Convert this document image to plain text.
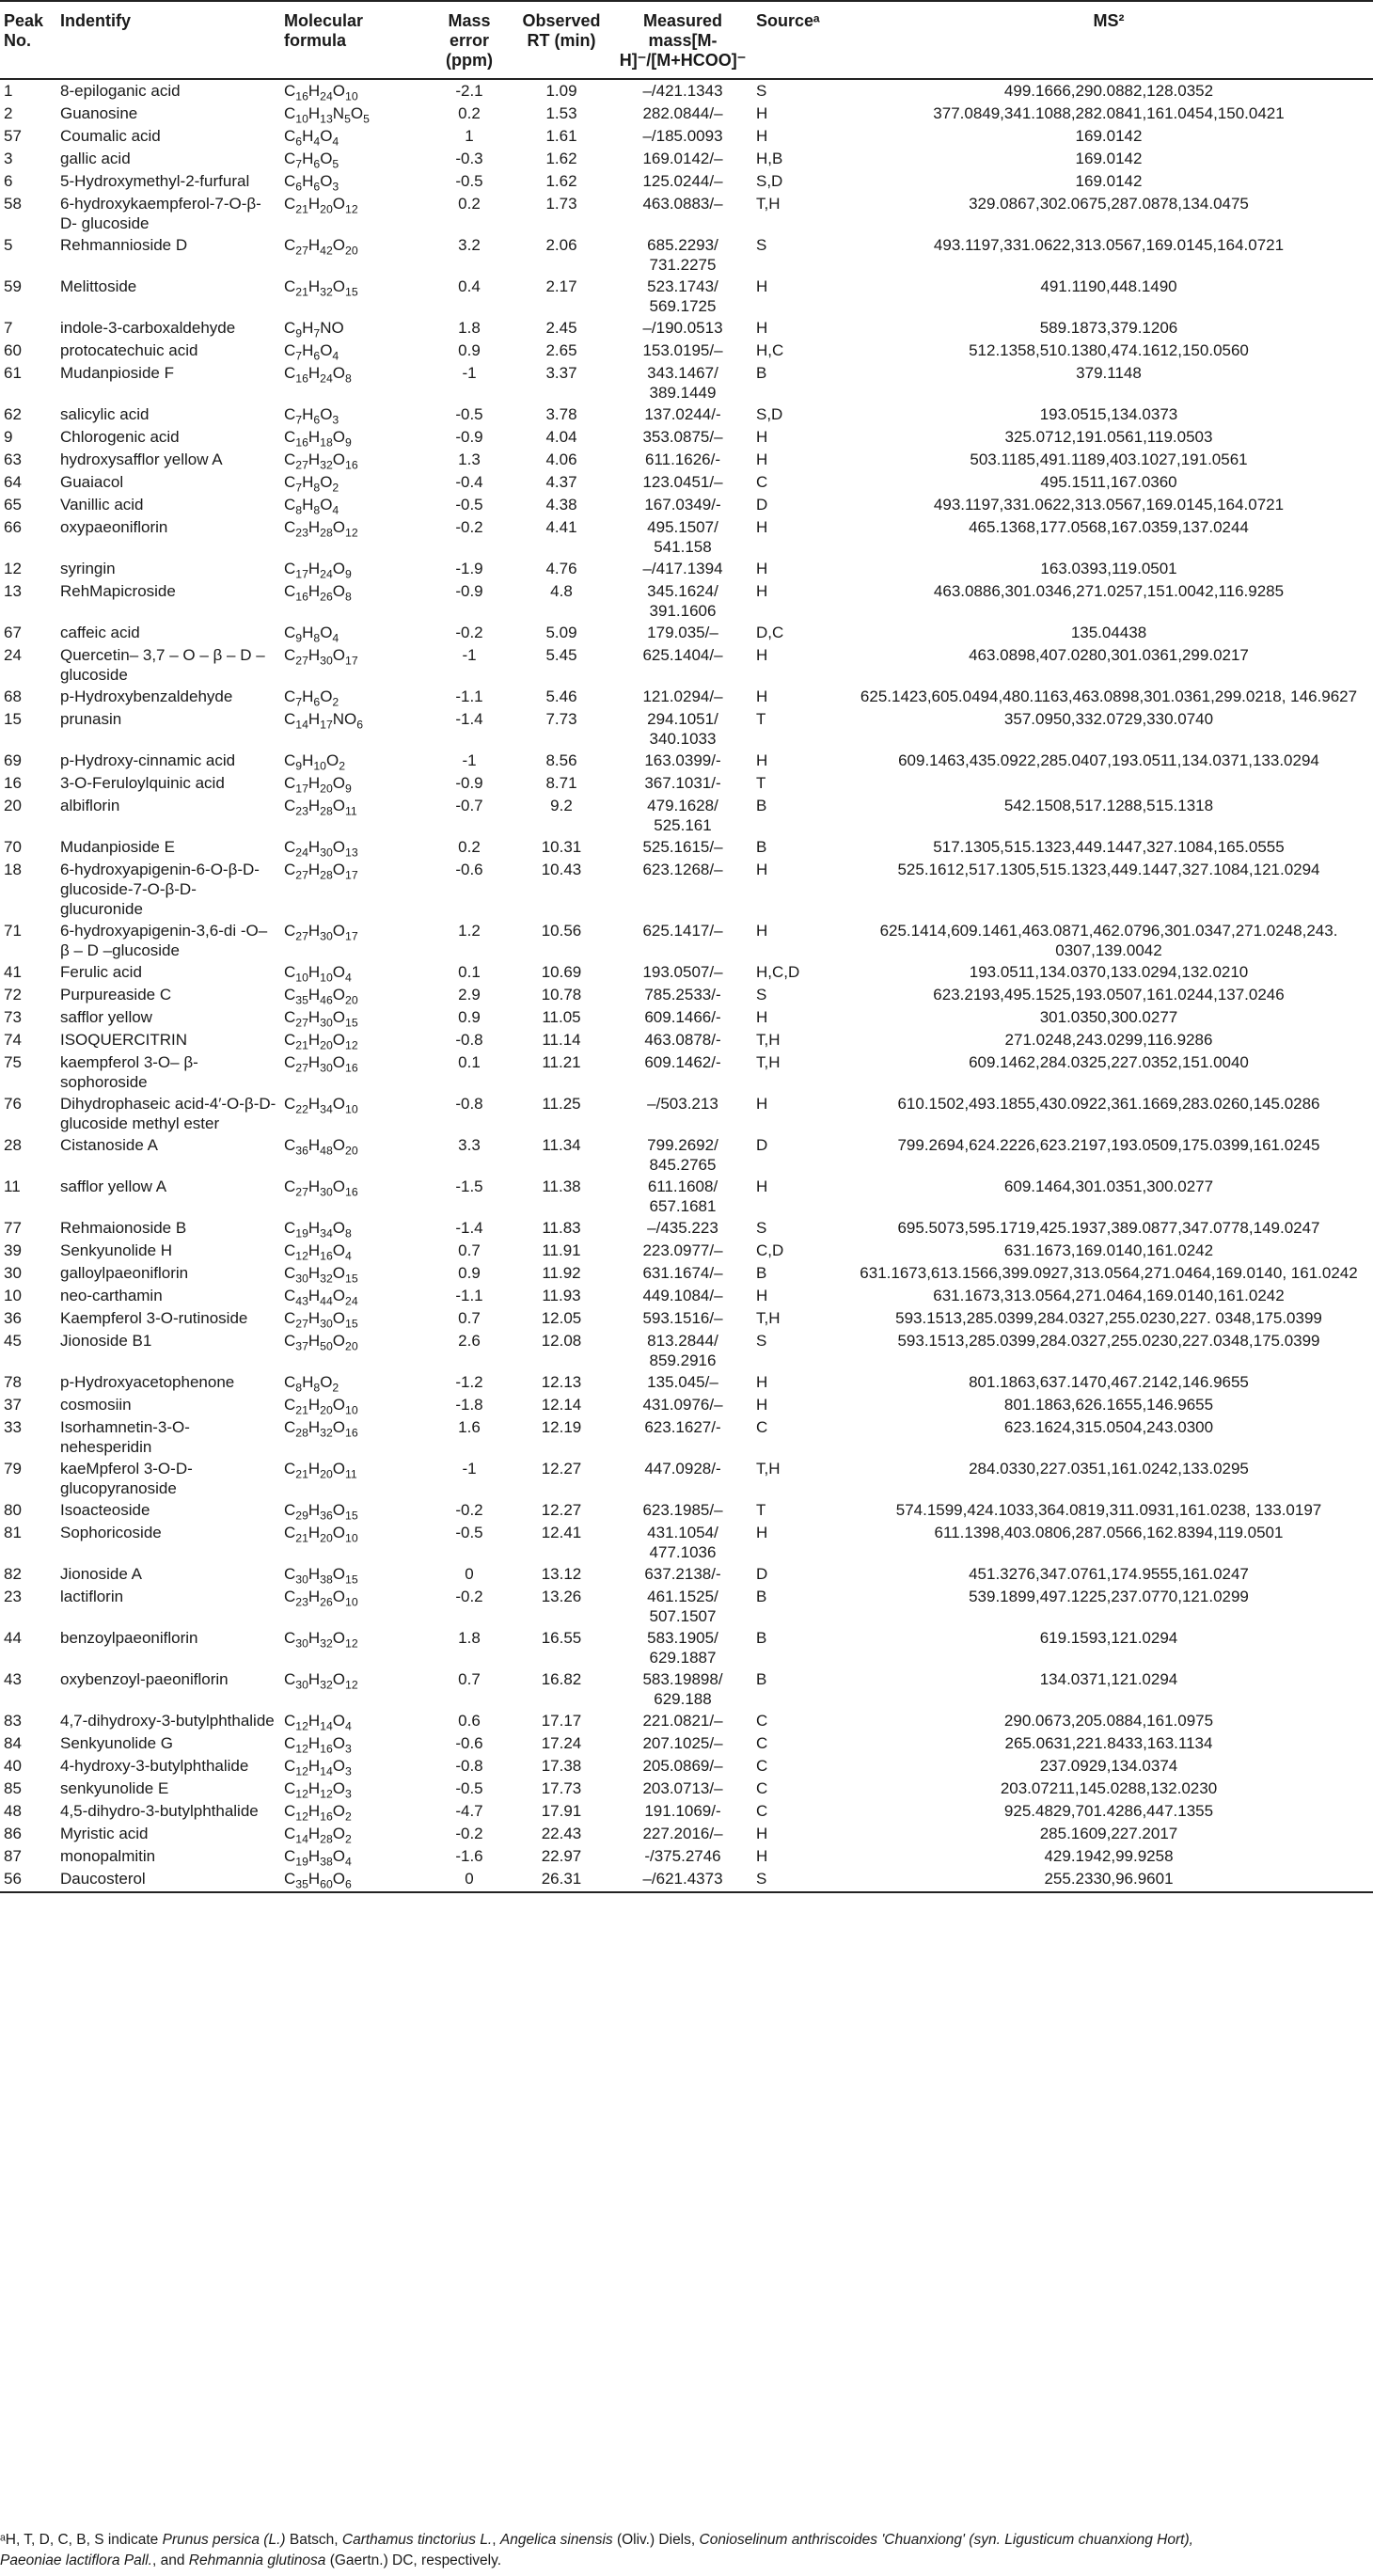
Peak No.	Indentify	Molecular formula	Mass error (ppm)	Observed RT (min)	Measured mass[M-H]⁻/[M+HCOO]⁻	Sourceᵃ	MS²
1	8-epiloganic acid	$C_{16}H_{24}O_{10}$	-2.1	1.09	–/421.1343	S	499.1666,290.0882,128.0352
2	Guanosine	$C_{10}H_{13}N_5O_5$	0.2	1.53	282.0844/–	H	377.0849,341.1088,282.0841,161.0454,150.0421
57	Coumalic acid	$C_6H_4O_4$	1	1.61	–/185.0093	H	169.0142
3	gallic acid	$C_7H_6O_5$	-0.3	1.62	169.0142/–	H,B	169.0142
6	5-Hydroxymethyl-2-furfural	$C_6H_6O_3$	-0.5	1.62	125.0244/–	S,D	169.0142
58	6-hydroxykaempferol-7-O-β-D- glucoside	$C_{21}H_{20}O_{12}$	0.2	1.73	463.0883/–	T,H	329.0867,302.0675,287.0878,134.0475
5	Rehmannioside D	$C_{27}H_{42}O_{20}$	3.2	2.06	685.2293/ 731.2275	S	493.1197,331.0622,313.0567,169.0145,164.0721
59	Melittoside	$C_{21}H_{32}O_{15}$	0.4	2.17	523.1743/ 569.1725	H	491.1190,448.1490
7	indole-3-carboxaldehyde	$C_9H_7NO$	1.8	2.45	–/190.0513	H	589.1873,379.1206
60	protocatechuic acid	$C_7H_6O_4$	0.9	2.65	153.0195/–	H,C	512.1358,510.1380,474.1612,150.0560
61	Mudanpioside F	$C_{16}H_{24}O_8$	-1	3.37	343.1467/ 389.1449	B	379.1148
62	salicylic acid	$C_7H_6O_3$	-0.5	3.78	137.0244/-	S,D	193.0515,134.0373
9	Chlorogenic acid	$C_{16}H_{18}O_9$	-0.9	4.04	353.0875/–	H	325.0712,191.0561,119.0503
63	hydroxysafflor yellow A	$C_{27}H_{32}O_{16}$	1.3	4.06	611.1626/-	H	503.1185,491.1189,403.1027,191.0561
64	Guaiacol	$C_7H_8O_2$	-0.4	4.37	123.0451/–	C	495.1511,167.0360
65	Vanillic acid	$C_8H_8O_4$	-0.5	4.38	167.0349/-	D	493.1197,331.0622,313.0567,169.0145,164.0721
66	oxypaeoniflorin	$C_{23}H_{28}O_{12}$	-0.2	4.41	495.1507/ 541.158	H	465.1368,177.0568,167.0359,137.0244
12	syringin	$C_{17}H_{24}O_9$	-1.9	4.76	–/417.1394	H	163.0393,119.0501
13	RehMapicroside	$C_{16}H_{26}O_8$	-0.9	4.8	345.1624/ 391.1606	H	463.0886,301.0346,271.0257,151.0042,116.9285
67	caffeic acid	$C_9H_8O_4$	-0.2	5.09	179.035/–	D,C	135.04438
24	Quercetin– 3,7 – O – β – D –glucoside	$C_{27}H_{30}O_{17}$	-1	5.45	625.1404/–	H	463.0898,407.0280,301.0361,299.0217
68	p-Hydroxybenzaldehyde	$C_7H_6O_2$	-1.1	5.46	121.0294/–	H	625.1423,605.0494,480.1163,463.0898,301.0361,299.0218, 146.9627
15	prunasin	$C_{14}H_{17}NO_6$	-1.4	7.73	294.1051/ 340.1033	T	357.0950,332.0729,330.0740
69	p-Hydroxy-cinnamic acid	$C_9H_{10}O_2$	-1	8.56	163.0399/-	H	609.1463,435.0922,285.0407,193.0511,134.0371,133.0294
16	3-O-Feruloylquinic acid	$C_{17}H_{20}O_9$	-0.9	8.71	367.1031/-	T	
20	albiflorin	$C_{23}H_{28}O_{11}$	-0.7	9.2	479.1628/ 525.161	B	542.1508,517.1288,515.1318
70	Mudanpioside E	$C_{24}H_{30}O_{13}$	0.2	10.31	525.1615/–	B	517.1305,515.1323,449.1447,327.1084,165.0555
18	6-hydroxyapigenin-6-O-β-D-glucoside-7-O-β-D-glucuronide	$C_{27}H_{28}O_{17}$	-0.6	10.43	623.1268/–	H	525.1612,517.1305,515.1323,449.1447,327.1084,121.0294
71	6-hydroxyapigenin-3,6-di -O– β – D –glucoside	$C_{27}H_{30}O_{17}$	1.2	10.56	625.1417/–	H	625.1414,609.1461,463.0871,462.0796,301.0347,271.0248,243. 0307,139.0042
41	Ferulic acid	$C_{10}H_{10}O_4$	0.1	10.69	193.0507/–	H,C,D	193.0511,134.0370,133.0294,132.0210
72	Purpureaside C	$C_{35}H_{46}O_{20}$	2.9	10.78	785.2533/-	S	623.2193,495.1525,193.0507,161.0244,137.0246
73	safflor yellow	$C_{27}H_{30}O_{15}$	0.9	11.05	609.1466/-	H	301.0350,300.0277
74	ISOQUERCITRIN	$C_{21}H_{20}O_{12}$	-0.8	11.14	463.0878/-	T,H	271.0248,243.0299,116.9286
75	kaempferol 3-O– β-sophoroside	$C_{27}H_{30}O_{16}$	0.1	11.21	609.1462/-	T,H	609.1462,284.0325,227.0352,151.0040
76	Dihydrophaseic acid-4′-O-β-D-glucoside methyl ester	$C_{22}H_{34}O_{10}$	-0.8	11.25	–/503.213	H	610.1502,493.1855,430.0922,361.1669,283.0260,145.0286
28	Cistanoside A	$C_{36}H_{48}O_{20}$	3.3	11.34	799.2692/ 845.2765	D	799.2694,624.2226,623.2197,193.0509,175.0399,161.0245
11	safflor yellow A	$C_{27}H_{30}O_{16}$	-1.5	11.38	611.1608/ 657.1681	H	609.1464,301.0351,300.0277
77	Rehmaionoside B	$C_{19}H_{34}O_8$	-1.4	11.83	–/435.223	S	695.5073,595.1719,425.1937,389.0877,347.0778,149.0247
39	Senkyunolide H	$C_{12}H_{16}O_4$	0.7	11.91	223.0977/–	C,D	631.1673,169.0140,161.0242
30	galloylpaeoniflorin	$C_{30}H_{32}O_{15}$	0.9	11.92	631.1674/–	B	631.1673,613.1566,399.0927,313.0564,271.0464,169.0140, 161.0242
10	neo-carthamin	$C_{43}H_{44}O_{24}$	-1.1	11.93	449.1084/–	H	631.1673,313.0564,271.0464,169.0140,161.0242
36	Kaempferol 3-O-rutinoside	$C_{27}H_{30}O_{15}$	0.7	12.05	593.1516/–	T,H	593.1513,285.0399,284.0327,255.0230,227. 0348,175.0399
45	Jionoside B1	$C_{37}H_{50}O_{20}$	2.6	12.08	813.2844/ 859.2916	S	593.1513,285.0399,284.0327,255.0230,227.0348,175.0399
78	p-Hydroxyacetophenone	$C_8H_8O_2$	-1.2	12.13	135.045/–	H	801.1863,637.1470,467.2142,146.9655
37	cosmosiin	$C_{21}H_{20}O_{10}$	-1.8	12.14	431.0976/–	H	801.1863,626.1655,146.9655
33	Isorhamnetin-3-O-nehesperidin	$C_{28}H_{32}O_{16}$	1.6	12.19	623.1627/-	C	623.1624,315.0504,243.0300
79	kaeMpferol 3-O-D-glucopyranoside	$C_{21}H_{20}O_{11}$	-1	12.27	447.0928/-	T,H	284.0330,227.0351,161.0242,133.0295
80	Isoacteoside	$C_{29}H_{36}O_{15}$	-0.2	12.27	623.1985/–	T	574.1599,424.1033,364.0819,311.0931,161.0238, 133.0197
81	Sophoricoside	$C_{21}H_{20}O_{10}$	-0.5	12.41	431.1054/ 477.1036	H	611.1398,403.0806,287.0566,162.8394,119.0501
82	Jionoside A	$C_{30}H_{38}O_{15}$	0	13.12	637.2138/-	D	451.3276,347.0761,174.9555,161.0247
23	lactiflorin	$C_{23}H_{26}O_{10}$	-0.2	13.26	461.1525/ 507.1507	B	539.1899,497.1225,237.0770,121.0299
44	benzoylpaeoniflorin	$C_{30}H_{32}O_{12}$	1.8	16.55	583.1905/ 629.1887	B	619.1593,121.0294
43	oxybenzoyl-paeoniflorin	$C_{30}H_{32}O_{12}$	0.7	16.82	583.19898/ 629.188	B	134.0371,121.0294
83	4,7-dihydroxy-3-butylphthalide	$C_{12}H_{14}O_4$	0.6	17.17	221.0821/–	C	290.0673,205.0884,161.0975
84	Senkyunolide G	$C_{12}H_{16}O_3$	-0.6	17.24	207.1025/–	C	265.0631,221.8433,163.1134
40	4-hydroxy-3-butylphthalide	$C_{12}H_{14}O_3$	-0.8	17.38	205.0869/–	C	237.0929,134.0374
85	senkyunolide E	$C_{12}H_{12}O_3$	-0.5	17.73	203.0713/–	C	203.07211,145.0288,132.0230
48	4,5-dihydro-3-butylphthalide	$C_{12}H_{16}O_2$	-4.7	17.91	191.1069/-	C	925.4829,701.4286,447.1355
86	Myristic acid	$C_{14}H_{28}O_2$	-0.2	22.43	227.2016/–	H	285.1609,227.2017
87	monopalmitin	$C_{19}H_{38}O_4$	-1.6	22.97	-/375.2746	H	429.1942,99.9258
56	Daucosterol	$C_{35}H_{60}O_6$	0	26.31	–/621.4373	S	255.2330,96.9601
ᵃH, T, D, C, B, S indicate Prunus persica (L.) Batsch, Carthamus tinctorius L., Angelica sinensis (Oliv.) Diels, Conioselinum anthriscoides 'Chuanxiong' (syn. Ligusticum chuanxiong Hort),
Paeoniae lactiflora Pall., and Rehmannia glutinosa (Gaertn.) DC, respectively.
